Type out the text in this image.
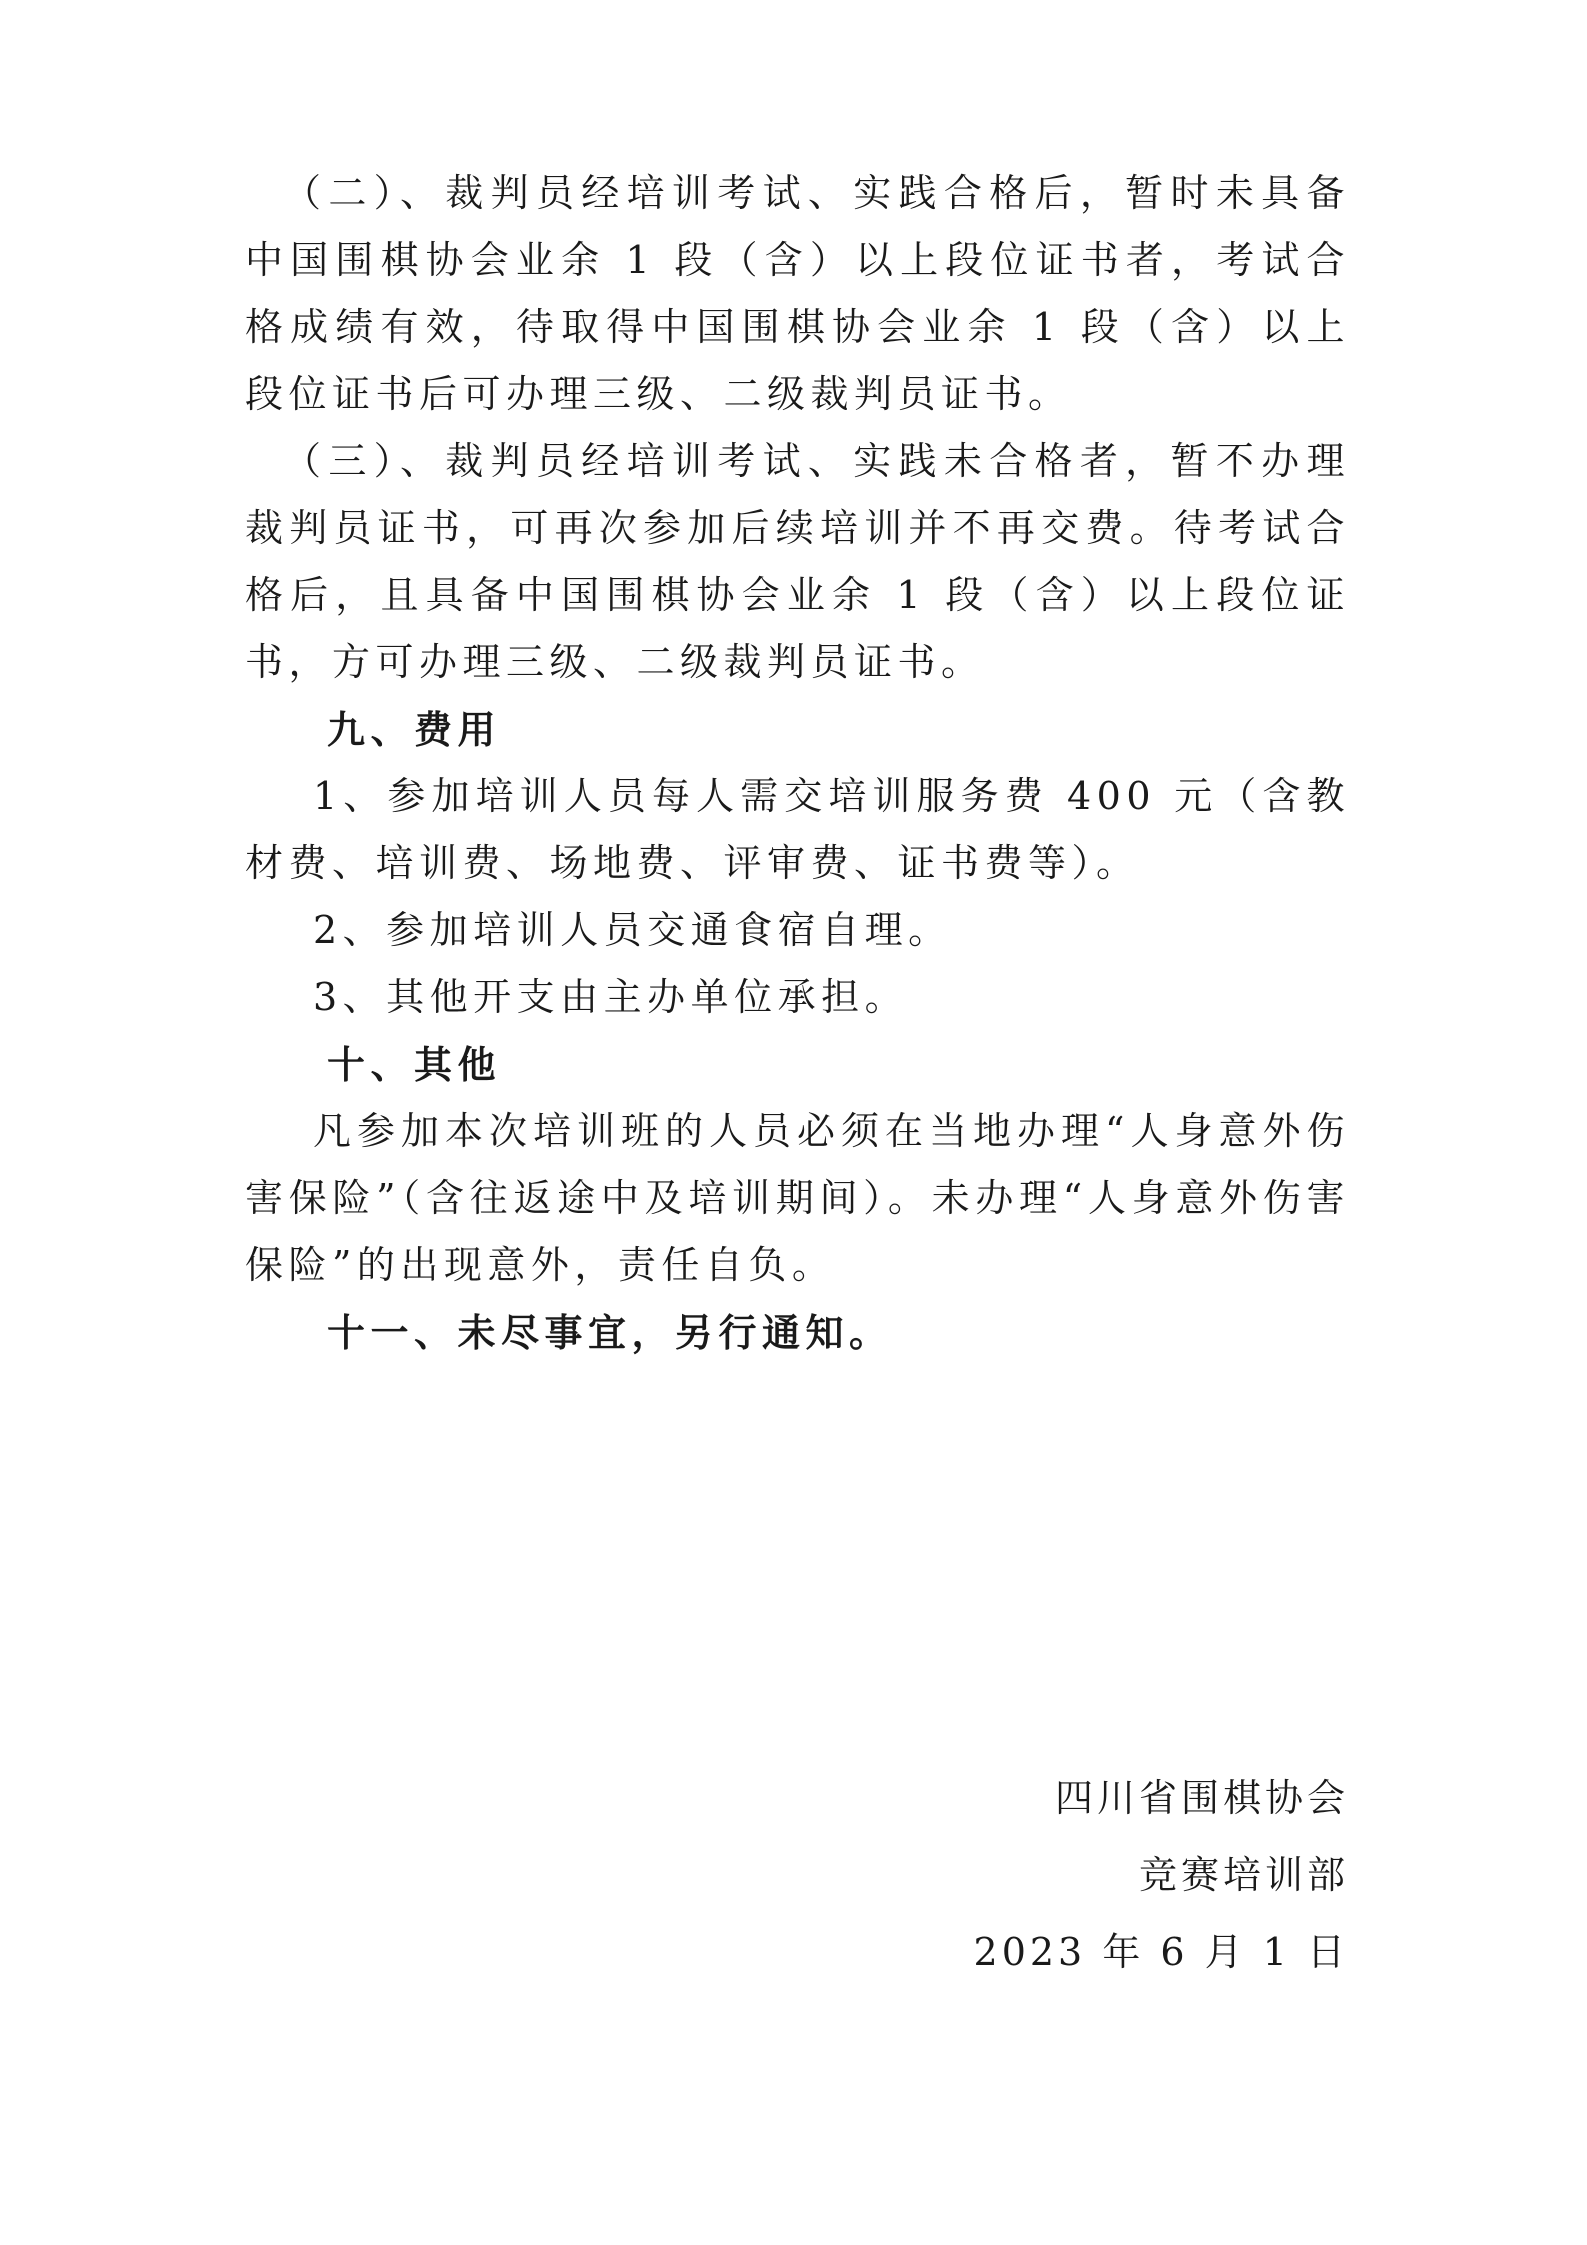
（二）、裁判员经培训考试、实践合格后，暂时未具备中国围棋协会业余 1 段（含）以上段位证书者，考试合格成绩有效，待取得中国围棋协会业余 1 段（含）以上段位证书后可办理三级、二级裁判员证书。

（三）、裁判员经培训考试、实践未合格者，暂不办理裁判员证书，可再次参加后续培训并不再交费。待考试合格后，且具备中国围棋协会业余 1 段（含）以上段位证书，方可办理三级、二级裁判员证书。

九、费用

1、参加培训人员每人需交培训服务费 400 元（含教材费、培训费、场地费、评审费、证书费等）。

2、参加培训人员交通食宿自理。

3、其他开支由主办单位承担。

十、其他

凡参加本次培训班的人员必须在当地办理“人身意外伤害保险”（含往返途中及培训期间）。未办理“人身意外伤害保险”的出现意外，责任自负。

十一、未尽事宜，另行通知。

四川省围棋协会

竞赛培训部

2023 年 6 月 1 日
